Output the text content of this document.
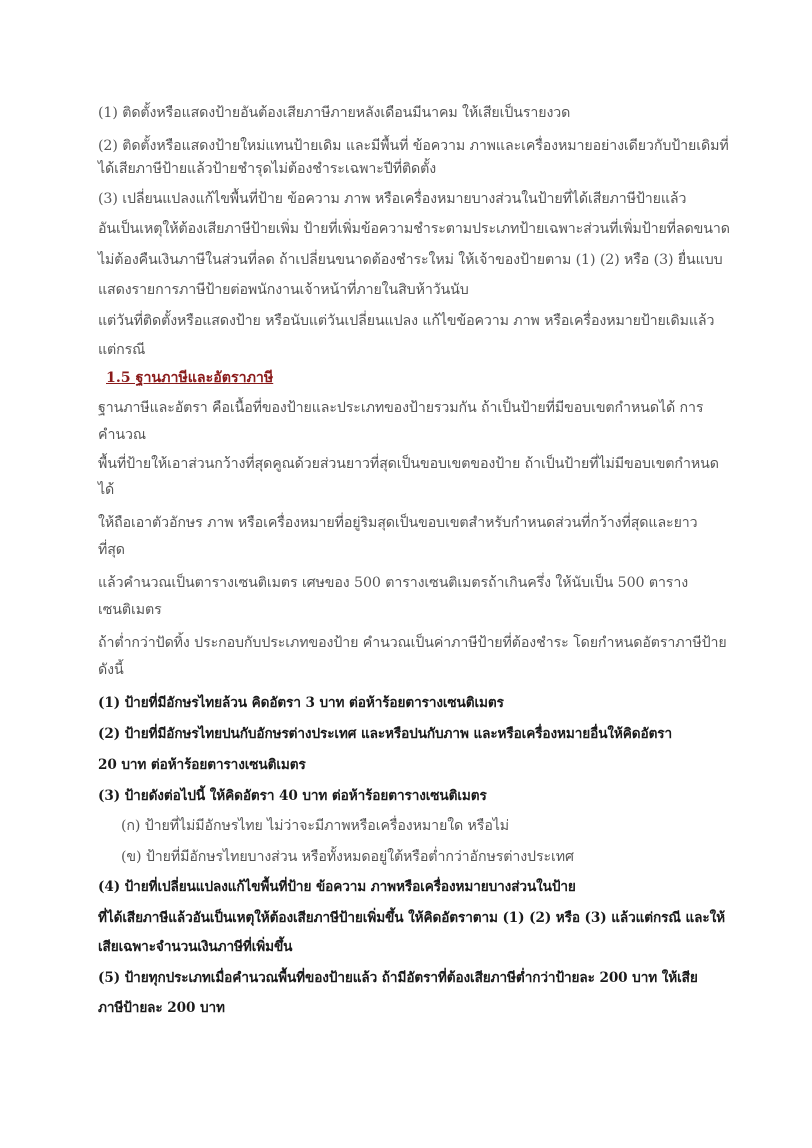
(1) ติดตั้งหรือแสดงป้ายอันต้องเสียภาษีภายหลังเดือนมีนาคม ให้เสียเป็นรายงวด
(2) ติดตั้งหรือแสดงป้ายใหม่แทนป้ายเดิม และมีพื้นที่ ข้อความ ภาพและเครื่องหมายอย่างเดียวกับป้ายเดิมที่
ได้เสียภาษีป้ายแล้วป้ายชำรุดไม่ต้องชำระเฉพาะปีที่ติดตั้ง
(3) เปลี่ยนแปลงแก้ไขพื้นที่ป้าย ข้อความ ภาพ หรือเครื่องหมายบางส่วนในป้ายที่ได้เสียภาษีป้ายแล้ว
อันเป็นเหตุให้ต้องเสียภาษีป้ายเพิ่ม ป้ายที่เพิ่มข้อความชำระตามประเภทป้ายเฉพาะส่วนที่เพิ่มป้ายที่ลดขนาด
ไม่ต้องคืนเงินภาษีในส่วนที่ลด ถ้าเปลี่ยนขนาดต้องชำระใหม่ ให้เจ้าของป้ายตาม (1) (2) หรือ (3) ยื่นแบบ
แสดงรายการภาษีป้ายต่อพนักงานเจ้าหน้าที่ภายในสิบห้าวันนับ
แต่วันที่ติดตั้งหรือแสดงป้าย หรือนับแต่วันเปลี่ยนแปลง แก้ไขข้อความ ภาพ หรือเครื่องหมายป้ายเดิมแล้ว
แต่กรณี
1.5 ฐานภาษีและอัตราภาษี
ฐานภาษีและอัตรา คือเนื้อที่ของป้ายและประเภทของป้ายรวมกัน ถ้าเป็นป้ายที่มีขอบเขตกำหนดได้ การ
คำนวณ
พื้นที่ป้ายให้เอาส่วนกว้างที่สุดคูณด้วยส่วนยาวที่สุดเป็นขอบเขตของป้าย ถ้าเป็นป้ายที่ไม่มีขอบเขตกำหนด
ได้
ให้ถือเอาตัวอักษร ภาพ หรือเครื่องหมายที่อยู่ริมสุดเป็นขอบเขตสำหรับกำหนดส่วนที่กว้างที่สุดและยาว
ที่สุด
แล้วคำนวณเป็นตารางเซนติเมตร เศษของ 500 ตารางเซนติเมตรถ้าเกินครึ่ง ให้นับเป็น 500 ตาราง
เซนติเมตร
ถ้าต่ำกว่าปัดทิ้ง ประกอบกับประเภทของป้าย คำนวณเป็นค่าภาษีป้ายที่ต้องชำระ โดยกำหนดอัตราภาษีป้าย
ดังนี้
(1) ป้ายที่มีอักษรไทยล้วน คิดอัตรา 3 บาท ต่อห้าร้อยตารางเซนติเมตร
(2) ป้ายที่มีอักษรไทยปนกับอักษรต่างประเทศ และหรือปนกับภาพ และหรือเครื่องหมายอื่นให้คิดอัตรา
20 บาท ต่อห้าร้อยตารางเซนติเมตร
(3) ป้ายดังต่อไปนี้ ให้คิดอัตรา 40 บาท ต่อห้าร้อยตารางเซนติเมตร
(ก) ป้ายที่ไม่มีอักษรไทย ไม่ว่าจะมีภาพหรือเครื่องหมายใด หรือไม่
(ข) ป้ายที่มีอักษรไทยบางส่วน หรือทั้งหมดอยู่ใต้หรือต่ำกว่าอักษรต่างประเทศ
(4) ป้ายที่เปลี่ยนแปลงแก้ไขพื้นที่ป้าย ข้อความ ภาพหรือเครื่องหมายบางส่วนในป้าย
ที่ได้เสียภาษีแล้วอันเป็นเหตุให้ต้องเสียภาษีป้ายเพิ่มขึ้น ให้คิดอัตราตาม (1) (2) หรือ (3) แล้วแต่กรณี และให้
เสียเฉพาะจำนวนเงินภาษีที่เพิ่มขึ้น
(5) ป้ายทุกประเภทเมื่อคำนวณพื้นที่ของป้ายแล้ว ถ้ามีอัตราที่ต้องเสียภาษีต่ำกว่าป้ายละ 200 บาท ให้เสีย
ภาษีป้ายละ 200 บาท
